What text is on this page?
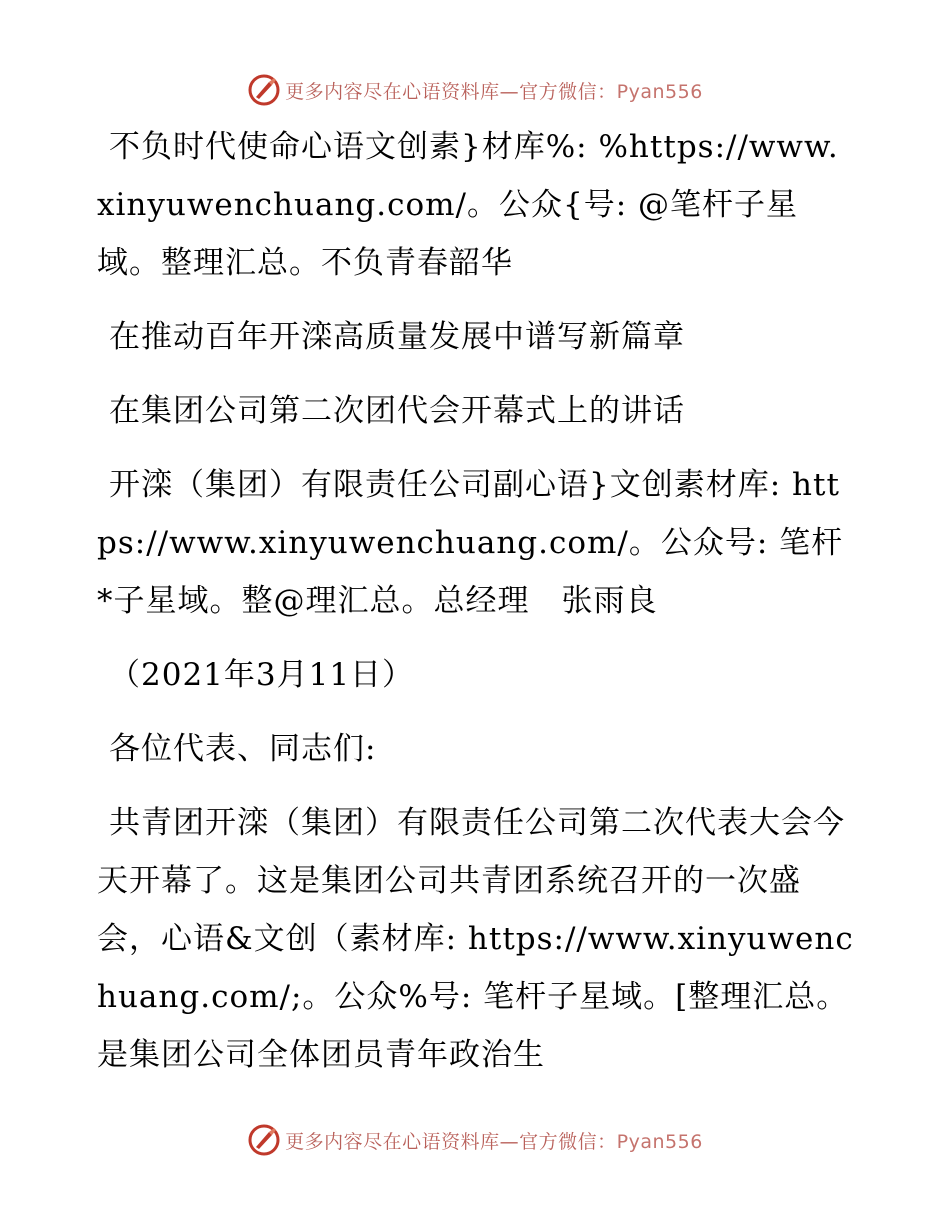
更多内容尽在心语资料库—官方微信：Pyan556

不负时代使命心语文创素}材库%: %https://www.xinyuwenchuang.com/。公众{号: @笔杆子星域。整理汇总。不负青春韶华

在推动百年开滦高质量发展中谱写新篇章

在集团公司第二次团代会开幕式上的讲话

开滦（集团）有限责任公司副心语}文创素材库: https://www.xinyuwenchuang.com/。公众号: 笔杆*子星域。整@理汇总。总经理　张雨良

（2021年3月11日）

各位代表、同志们:

共青团开滦（集团）有限责任公司第二次代表大会今天开幕了。这是集团公司共青团系统召开的一次盛会，心语&文创（素材库: https://www.xinyuwenchuang.com/;。公众%号: 笔杆子星域。[整理汇总。是集团公司全体团员青年政治生

更多内容尽在心语资料库—官方微信：Pyan556
